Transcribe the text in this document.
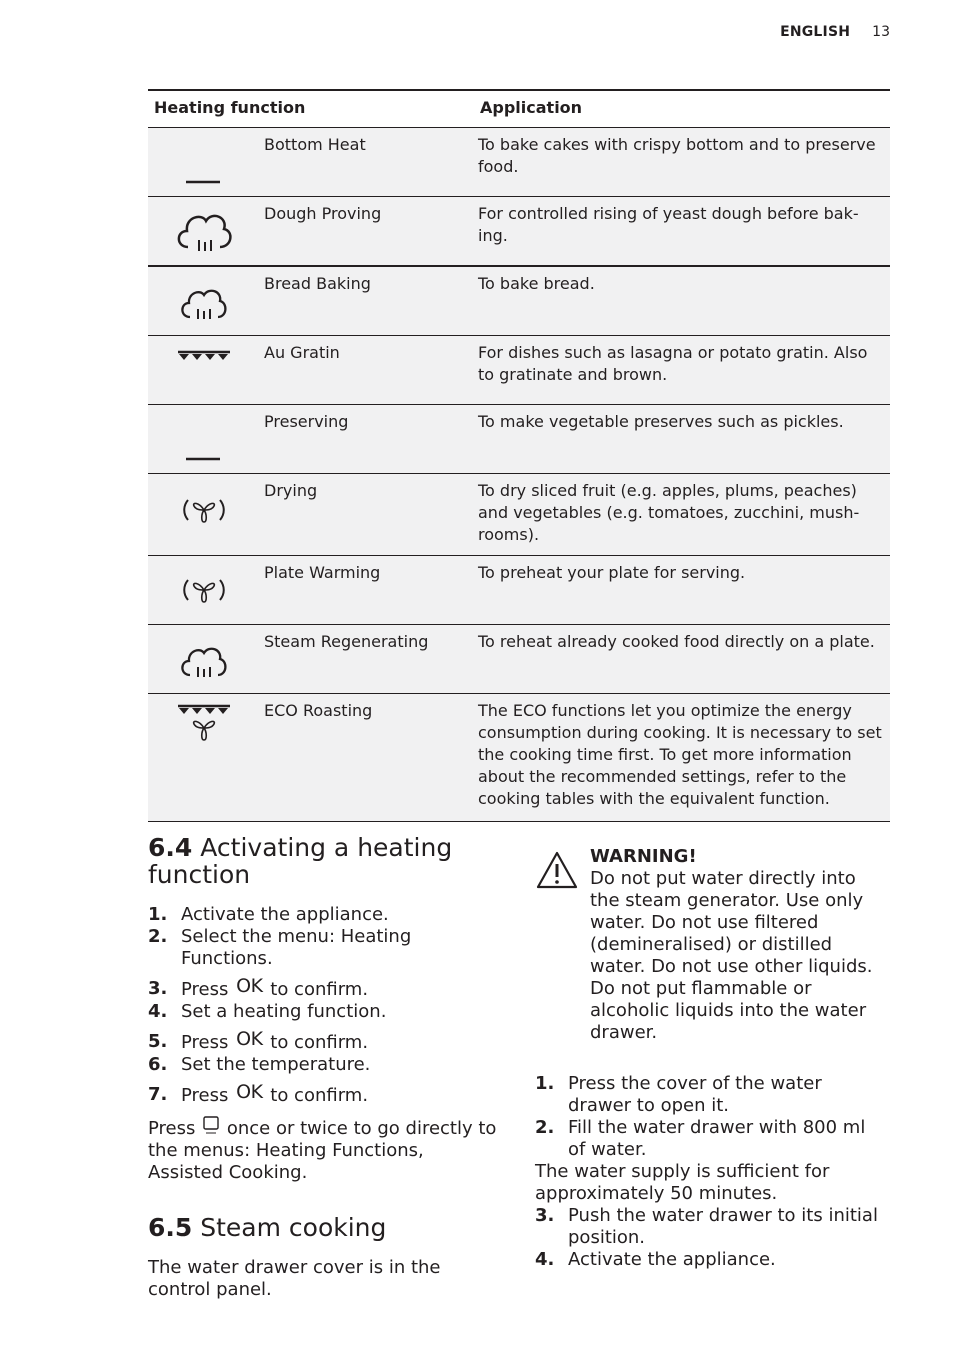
ENGLISH 13
Heating function		Application

	Bottom Heat	To bake cakes with crispy bottom and to preserve food.

	Dough Proving	For controlled rising of yeast dough before bak-ing.

	Bread Baking	To bake bread.

	Au Gratin	For dishes such as lasagna or potato gratin. Also to gratinate and brown.

	Preserving	To make vegetable preserves such as pickles.

	Drying	To dry sliced fruit (e.g. apples, plums, peaches) and vegetables (e.g. tomatoes, zucchini, mush-rooms).

	Plate Warming	To preheat your plate for serving.

	Steam Regenerating	To reheat already cooked food directly on a plate.

	ECO Roasting	The ECO functions let you optimize the energy consumption during cooking. It is necessary to set the cooking time first. To get more information about the recommended settings, refer to the cooking tables with the equivalent function.
6.4 Activating a heating function
1. Activate the appliance.
2. Select the menu: Heating Functions.
3. Press OK to confirm.
4. Set a heating function.
5. Press OK to confirm.
6. Set the temperature.
7. Press OK to confirm.

Press once or twice to go directly to the menus: Heating Functions, Assisted Cooking.

6.5 Steam cooking

The water drawer cover is in the control panel.

WARNING!
Do not put water directly into the steam generator. Use only water. Do not use filtered (demineralised) or distilled water. Do not use other liquids. Do not put flammable or alcoholic liquids into the water drawer.
1. Press the cover of the water drawer to open it.
2. Fill the water drawer with 800 ml of water.

The water supply is sufficient for approximately 50 minutes.

3. Push the water drawer to its initial position.
4. Activate the appliance.
